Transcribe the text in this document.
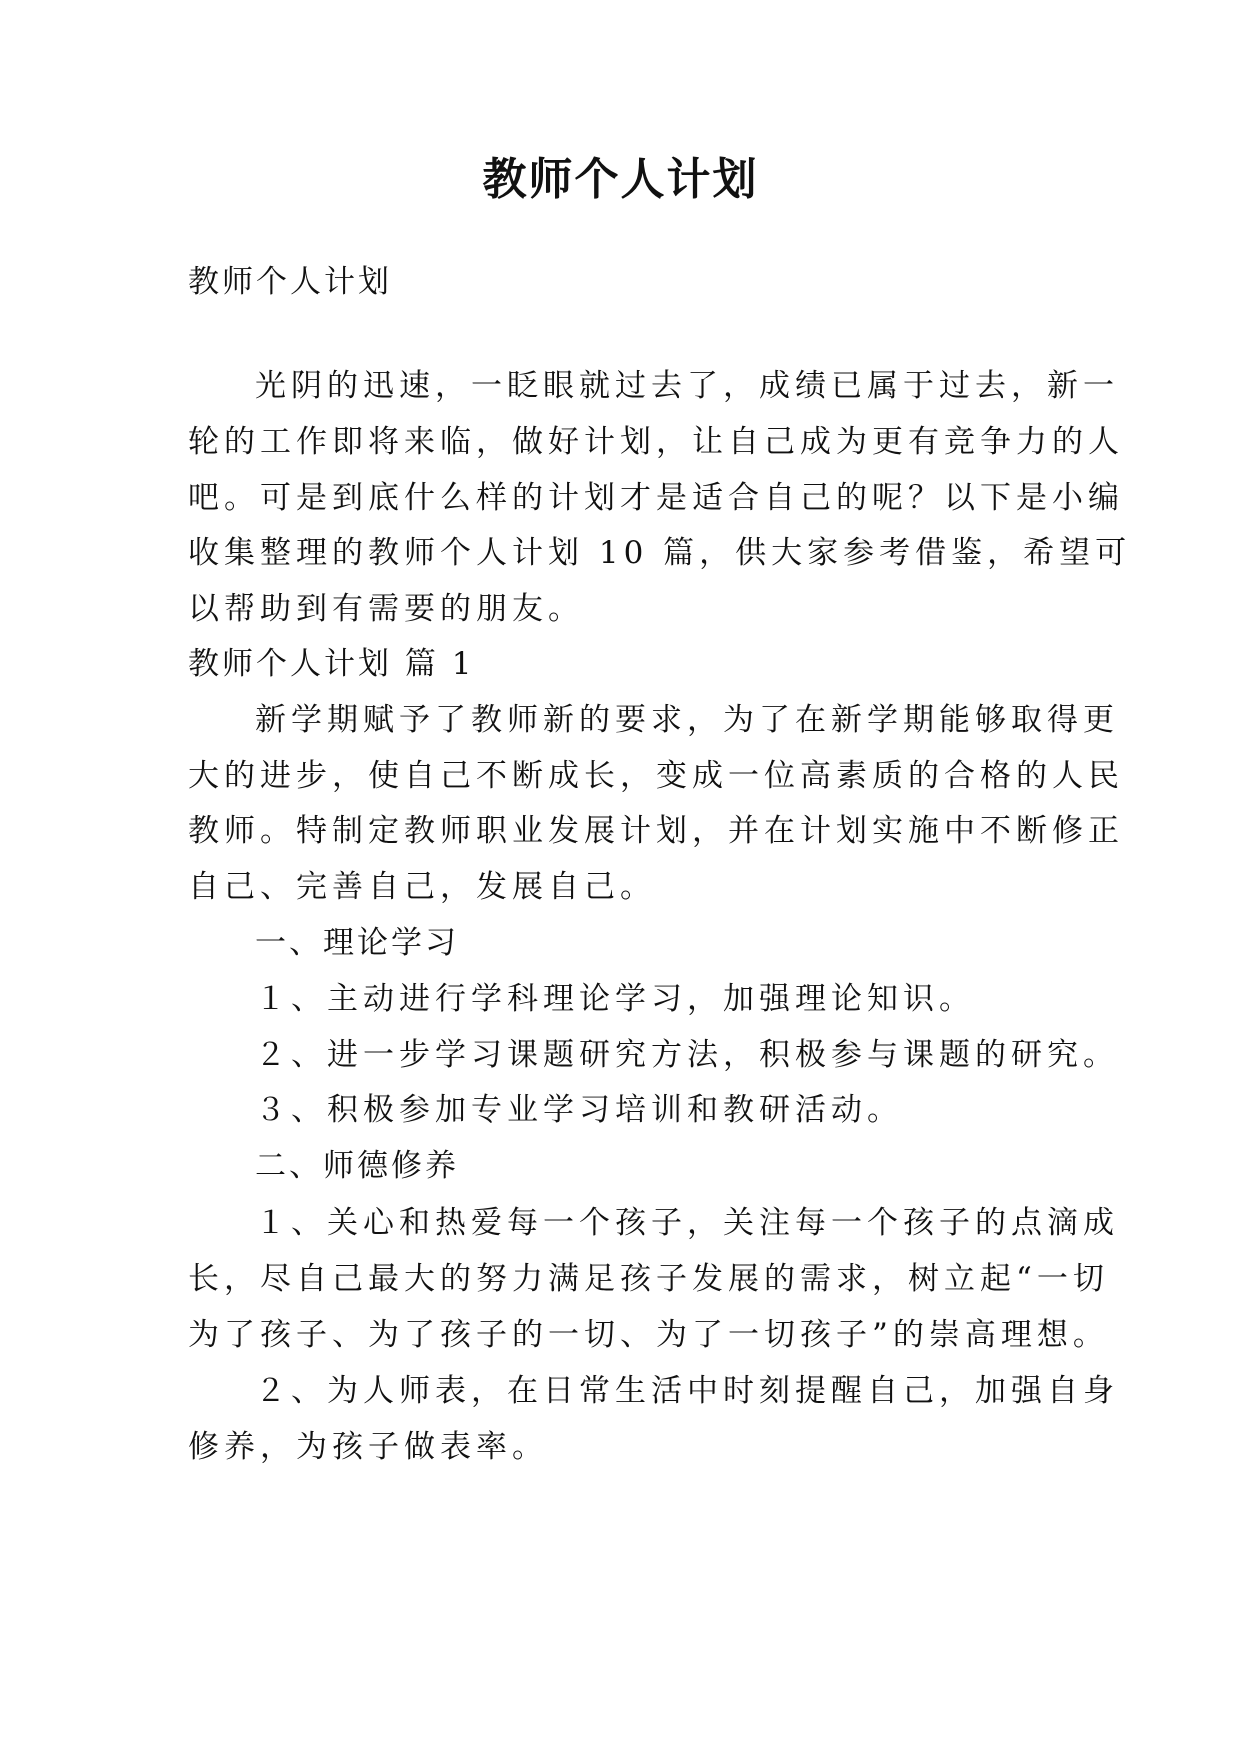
教师个人计划
教师个人计划
光阴的迅速，一眨眼就过去了，成绩已属于过去，新一
轮的工作即将来临，做好计划，让自己成为更有竞争力的人
吧。可是到底什么样的计划才是适合自己的呢？以下是小编
收集整理的教师个人计划 10 篇，供大家参考借鉴，希望可
以帮助到有需要的朋友。
教师个人计划 篇 1
新学期赋予了教师新的要求，为了在新学期能够取得更
大的进步，使自己不断成长，变成一位高素质的合格的人民
教师。特制定教师职业发展计划，并在计划实施中不断修正
自己、完善自己，发展自己。
一、理论学习
１、主动进行学科理论学习，加强理论知识。
２、进一步学习课题研究方法，积极参与课题的研究。
３、积极参加专业学习培训和教研活动。
二、师德修养
１、关心和热爱每一个孩子，关注每一个孩子的点滴成
长，尽自己最大的努力满足孩子发展的需求，树立起“一切
为了孩子、为了孩子的一切、为了一切孩子”的崇高理想。
２、为人师表，在日常生活中时刻提醒自己，加强自身
修养，为孩子做表率。
